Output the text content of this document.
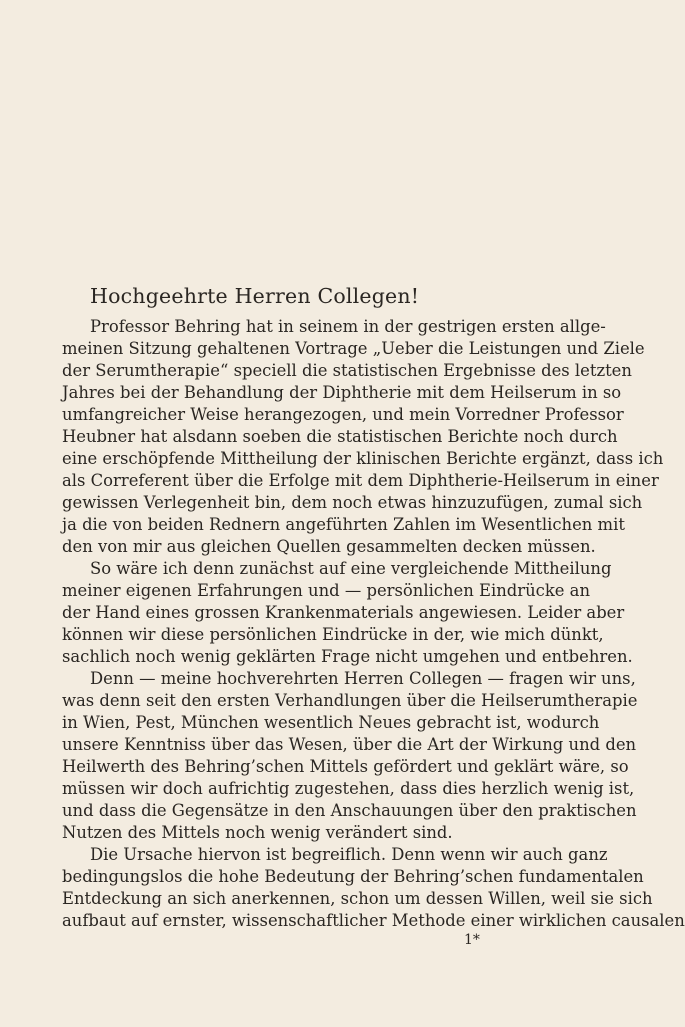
Hochgeehrte Herren Collegen!
Professor Behring hat in seinem in der gestrigen ersten allge-
meinen Sitzung gehaltenen Vortrage „Ueber die Leistungen und Ziele
der Serumtherapie“ speciell die statistischen Ergebnisse des letzten
Jahres bei der Behandlung der Diphtherie mit dem Heilserum in so
umfangreicher Weise herangezogen, und mein Vorredner Professor
Heubner hat alsdann soeben die statistischen Berichte noch durch
eine erschöpfende Mittheilung der klinischen Berichte ergänzt, dass ich
als Correferent über die Erfolge mit dem Diphtherie-Heilserum in einer
gewissen Verlegenheit bin, dem noch etwas hinzuzufügen, zumal sich
ja die von beiden Rednern angeführten Zahlen im Wesentlichen mit
den von mir aus gleichen Quellen gesammelten decken müssen.
So wäre ich denn zunächst auf eine vergleichende Mittheilung
meiner eigenen Erfahrungen und — persönlichen Eindrücke an
der Hand eines grossen Krankenmaterials angewiesen. Leider aber
können wir diese persönlichen Eindrücke in der, wie mich dünkt,
sachlich noch wenig geklärten Frage nicht umgehen und entbehren.
Denn — meine hochverehrten Herren Collegen — fragen wir uns,
was denn seit den ersten Verhandlungen über die Heilserumtherapie
in Wien, Pest, München wesentlich Neues gebracht ist, wodurch
unsere Kenntniss über das Wesen, über die Art der Wirkung und den
Heilwerth des Behring’schen Mittels gefördert und geklärt wäre, so
müssen wir doch aufrichtig zugestehen, dass dies herzlich wenig ist,
und dass die Gegensätze in den Anschauungen über den praktischen
Nutzen des Mittels noch wenig verändert sind.
Die Ursache hiervon ist begreiflich. Denn wenn wir auch ganz
bedingungslos die hohe Bedeutung der Behring’schen fundamentalen
Entdeckung an sich anerkennen, schon um dessen Willen, weil sie sich
aufbaut auf ernster, wissenschaftlicher Methode einer wirklichen causalen
1*
